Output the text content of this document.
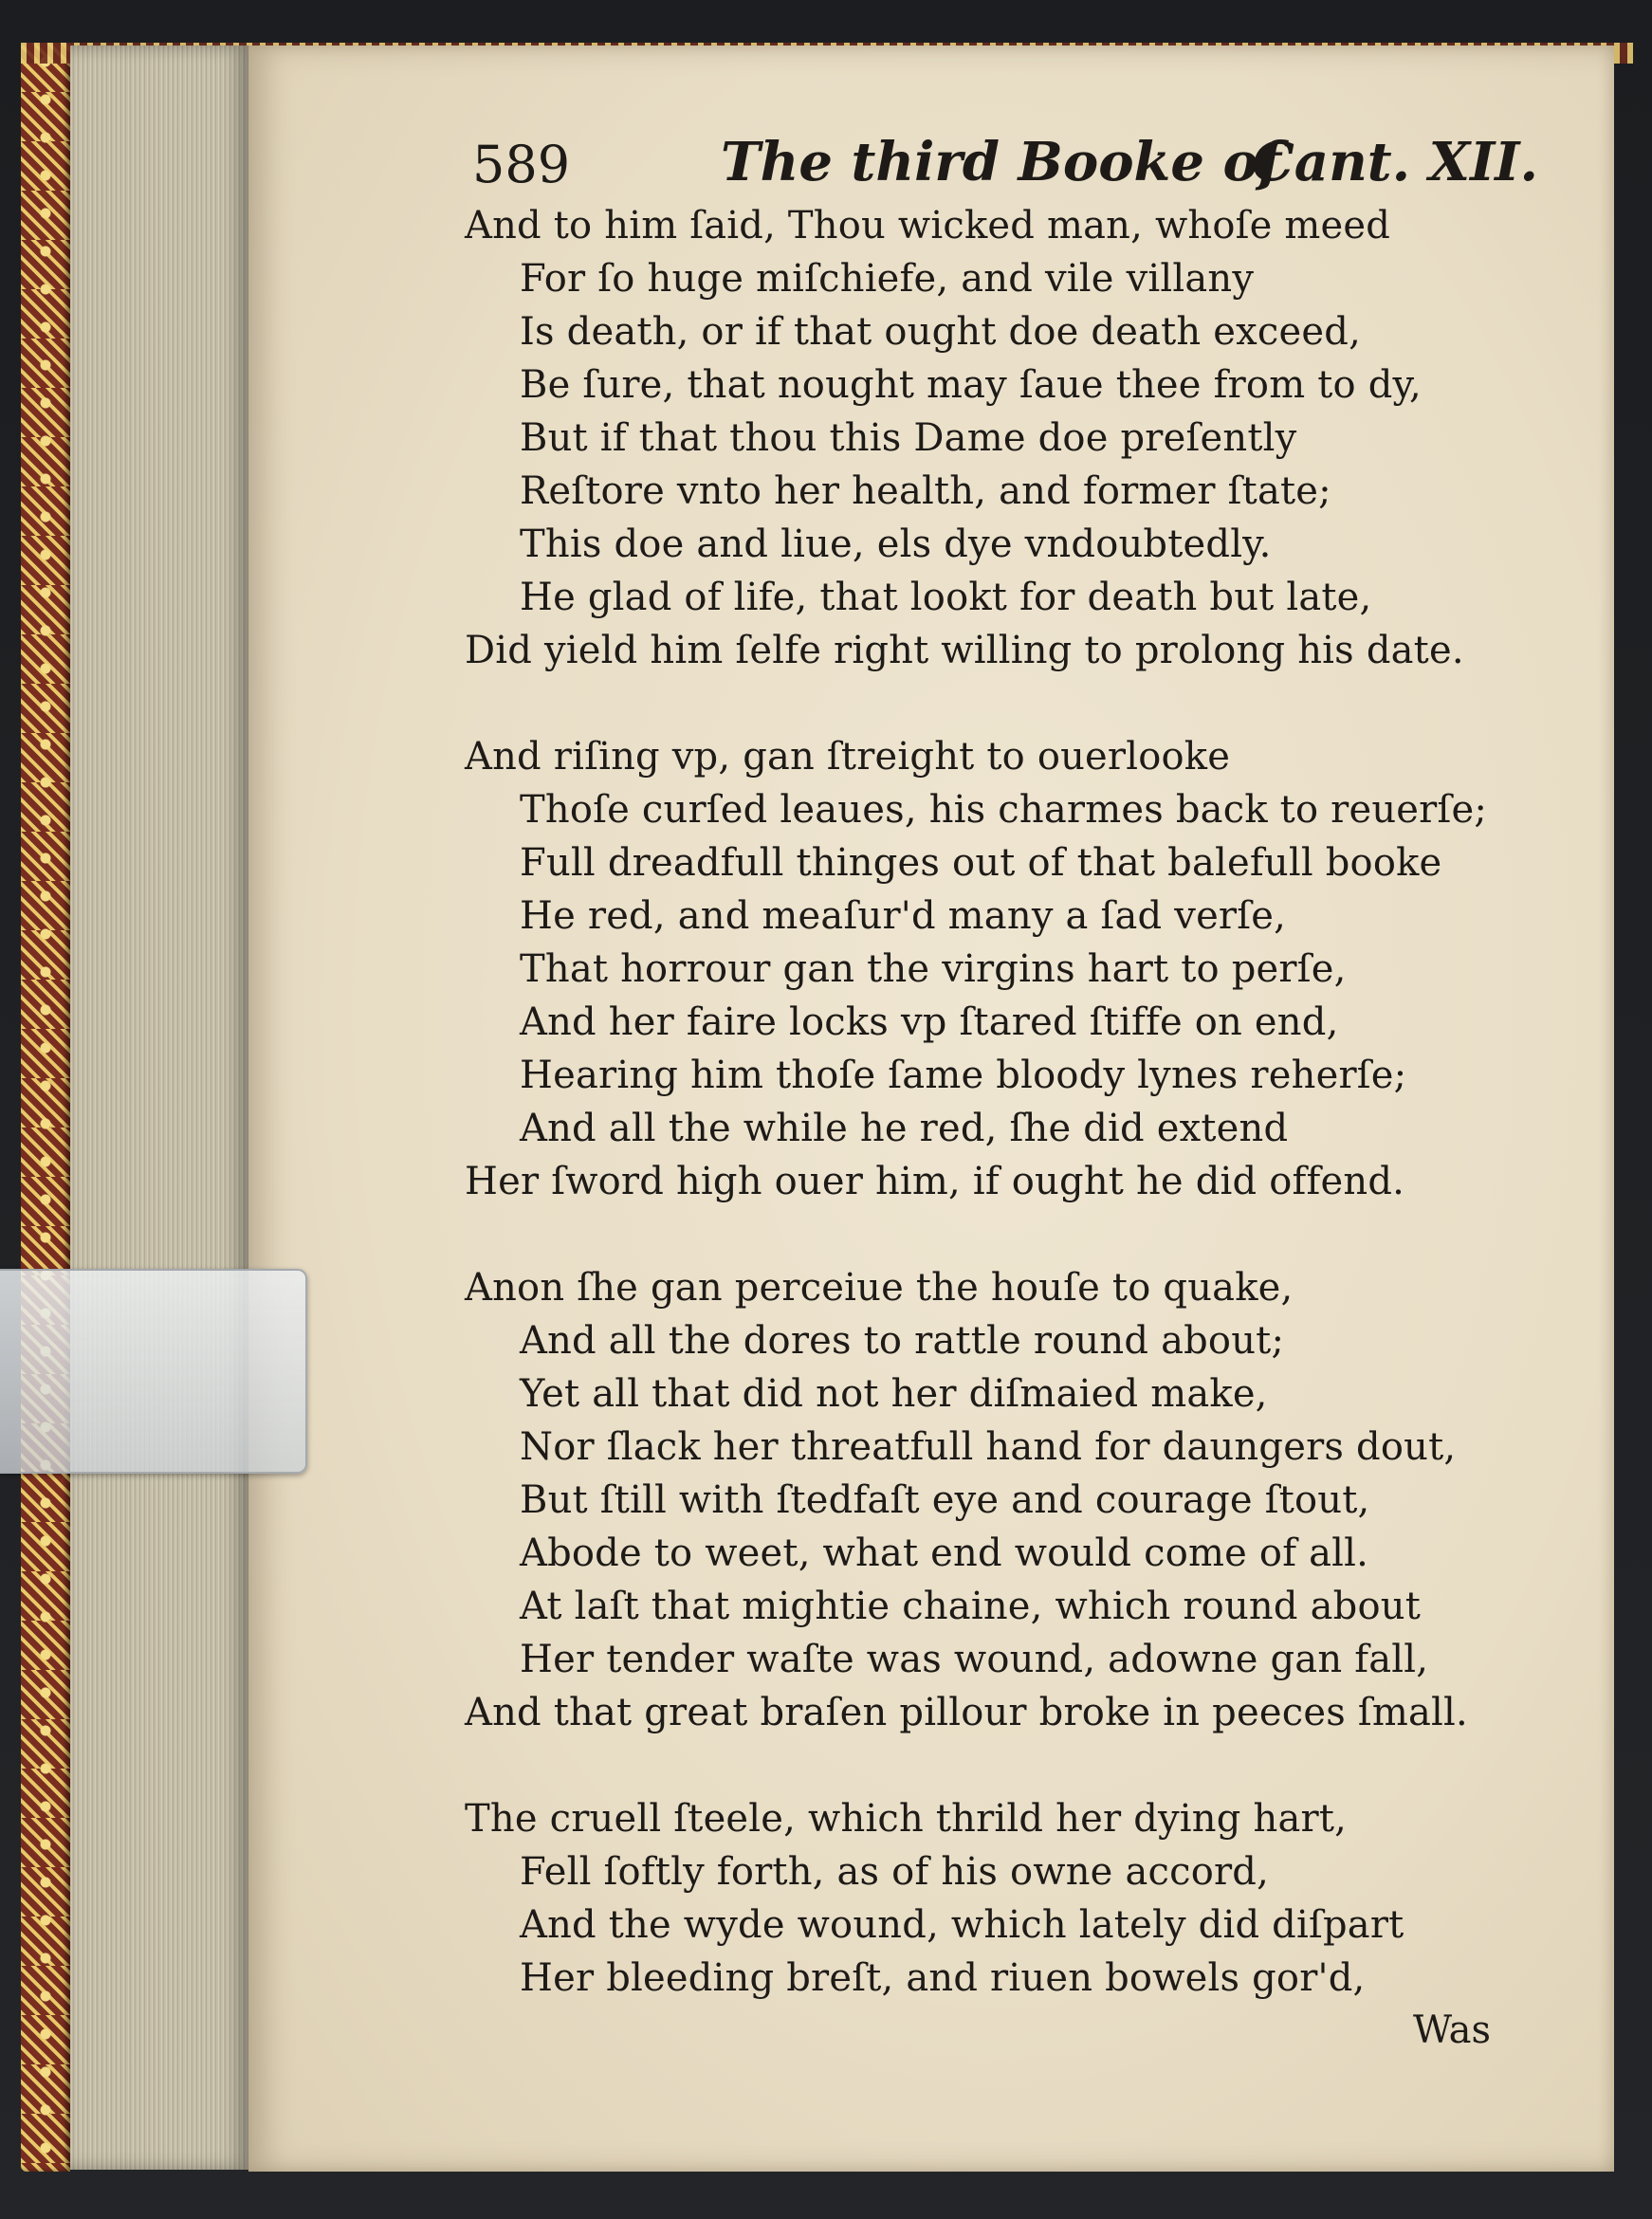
589	The third Booke of
Cant. XII.
And to him ſaid, Thou wicked man, whoſe meed
For ſo huge miſchiefe, and vile villany
Is death, or if that ought doe death exceed,
Be ſure, that nought may ſaue thee from to dy,
But if that thou this Dame doe preſently
Reſtore vnto her health, and former ſtate;
This doe and liue, els dye vndoubtedly.
He glad of life, that lookt for death but late,
Did yield him ſelfe right willing to prolong his date.
And riſing vp, gan ſtreight to ouerlooke
Thoſe curſed leaues, his charmes back to reuerſe;
Full dreadfull thinges out of that balefull booke
He red, and meaſur'd many a ſad verſe,
That horrour gan the virgins hart to perſe,
And her faire locks vp ſtared ſtiffe on end,
Hearing him thoſe ſame bloody lynes reherſe;
And all the while he red, ſhe did extend
Her ſword high ouer him, if ought he did offend.
Anon ſhe gan perceiue the houſe to quake,
And all the dores to rattle round about;
Yet all that did not her diſmaied make,
Nor ſlack her threatfull hand for daungers dout,
But ſtill with ſtedfaſt eye and courage ſtout,
Abode to weet, what end would come of all.
At laſt that mightie chaine, which round about
Her tender waſte was wound, adowne gan fall,
And that great braſen pillour broke in peeces ſmall.
The cruell ſteele, which thrild her dying hart,
Fell ſoftly forth, as of his owne accord,
And the wyde wound, which lately did diſpart
Her bleeding breſt, and riuen bowels gor'd,
Was
